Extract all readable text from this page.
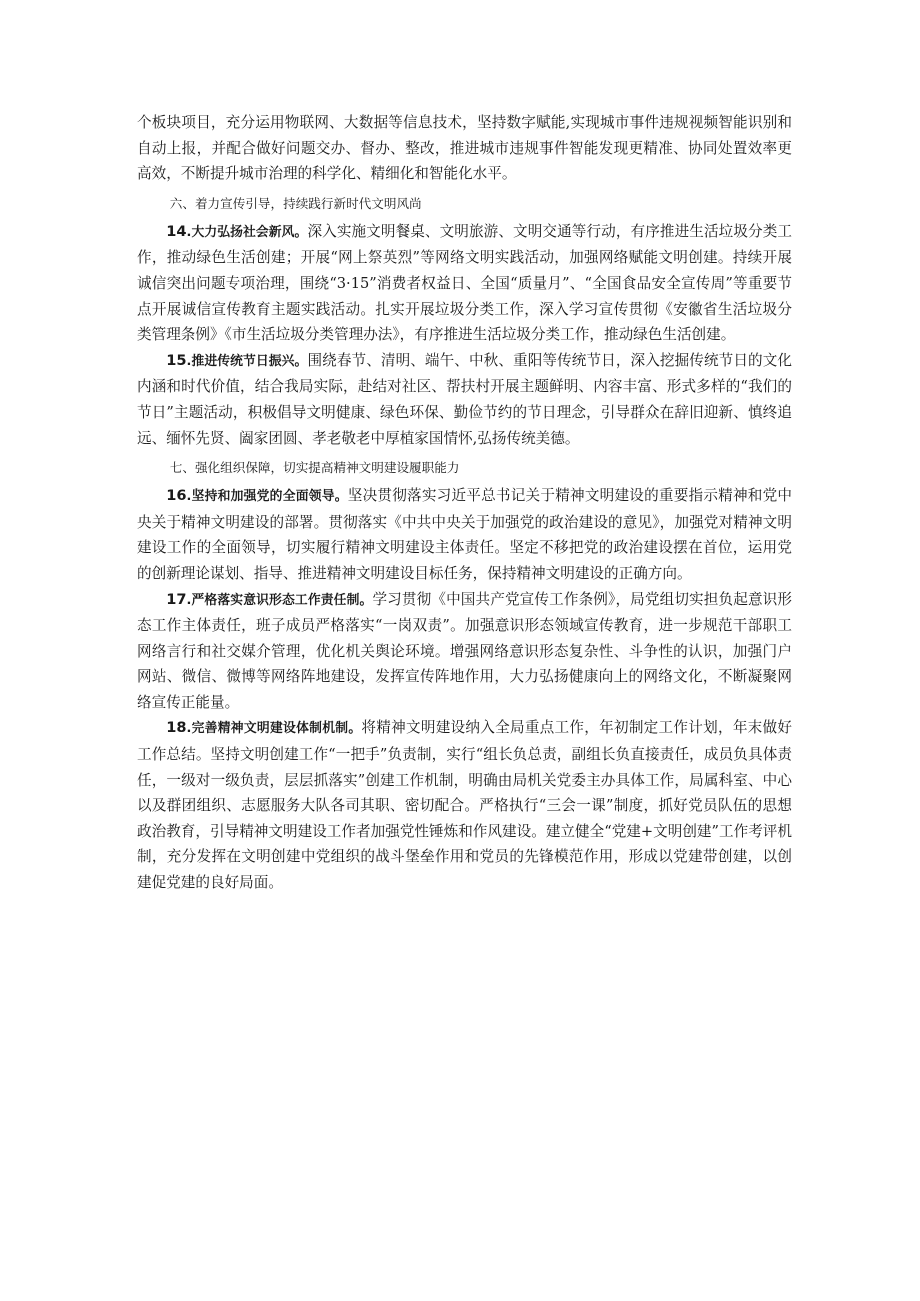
个板块项目，充分运用物联网、大数据等信息技术，坚持数字赋能,实现城市事件违规视频智能识别和自动上报，并配合做好问题交办、督办、整改，推进城市违规事件智能发现更精准、协同处置效率更高效，不断提升城市治理的科学化、精细化和智能化水平。

六、着力宣传引导，持续践行新时代文明风尚

14.大力弘扬社会新风。深入实施文明餐桌、文明旅游、文明交通等行动，有序推进生活垃圾分类工作，推动绿色生活创建；开展“网上祭英烈”等网络文明实践活动，加强网络赋能文明创建。持续开展诚信突出问题专项治理，围绕“3·15”消费者权益日、全国“质量月”、“全国食品安全宣传周”等重要节点开展诚信宣传教育主题实践活动。扎实开展垃圾分类工作，深入学习宣传贯彻《安徽省生活垃圾分类管理条例》《市生活垃圾分类管理办法》，有序推进生活垃圾分类工作，推动绿色生活创建。

15.推进传统节日振兴。围绕春节、清明、端午、中秋、重阳等传统节日，深入挖掘传统节日的文化内涵和时代价值，结合我局实际，赴结对社区、帮扶村开展主题鲜明、内容丰富、形式多样的“我们的节日”主题活动，积极倡导文明健康、绿色环保、勤俭节约的节日理念，引导群众在辞旧迎新、慎终追远、缅怀先贤、阖家团圆、孝老敬老中厚植家国情怀,弘扬传统美德。

七、强化组织保障，切实提高精神文明建设履职能力

16.坚持和加强党的全面领导。坚决贯彻落实习近平总书记关于精神文明建设的重要指示精神和党中央关于精神文明建设的部署。贯彻落实《中共中央关于加强党的政治建设的意见》，加强党对精神文明建设工作的全面领导，切实履行精神文明建设主体责任。坚定不移把党的政治建设摆在首位，运用党的创新理论谋划、指导、推进精神文明建设目标任务，保持精神文明建设的正确方向。

17.严格落实意识形态工作责任制。学习贯彻《中国共产党宣传工作条例》，局党组切实担负起意识形态工作主体责任，班子成员严格落实“一岗双责”。加强意识形态领域宣传教育，进一步规范干部职工网络言行和社交媒介管理，优化机关舆论环境。增强网络意识形态复杂性、斗争性的认识，加强门户网站、微信、微博等网络阵地建设，发挥宣传阵地作用，大力弘扬健康向上的网络文化，不断凝聚网络宣传正能量。

18.完善精神文明建设体制机制。将精神文明建设纳入全局重点工作，年初制定工作计划，年末做好工作总结。坚持文明创建工作“一把手”负责制，实行“组长负总责，副组长负直接责任，成员负具体责任，一级对一级负责，层层抓落实”创建工作机制，明确由局机关党委主办具体工作，局属科室、中心以及群团组织、志愿服务大队各司其职、密切配合。严格执行“三会一课”制度，抓好党员队伍的思想政治教育，引导精神文明建设工作者加强党性锤炼和作风建设。建立健全“党建+文明创建”工作考评机制，充分发挥在文明创建中党组织的战斗堡垒作用和党员的先锋模范作用，形成以党建带创建，以创建促党建的良好局面。
